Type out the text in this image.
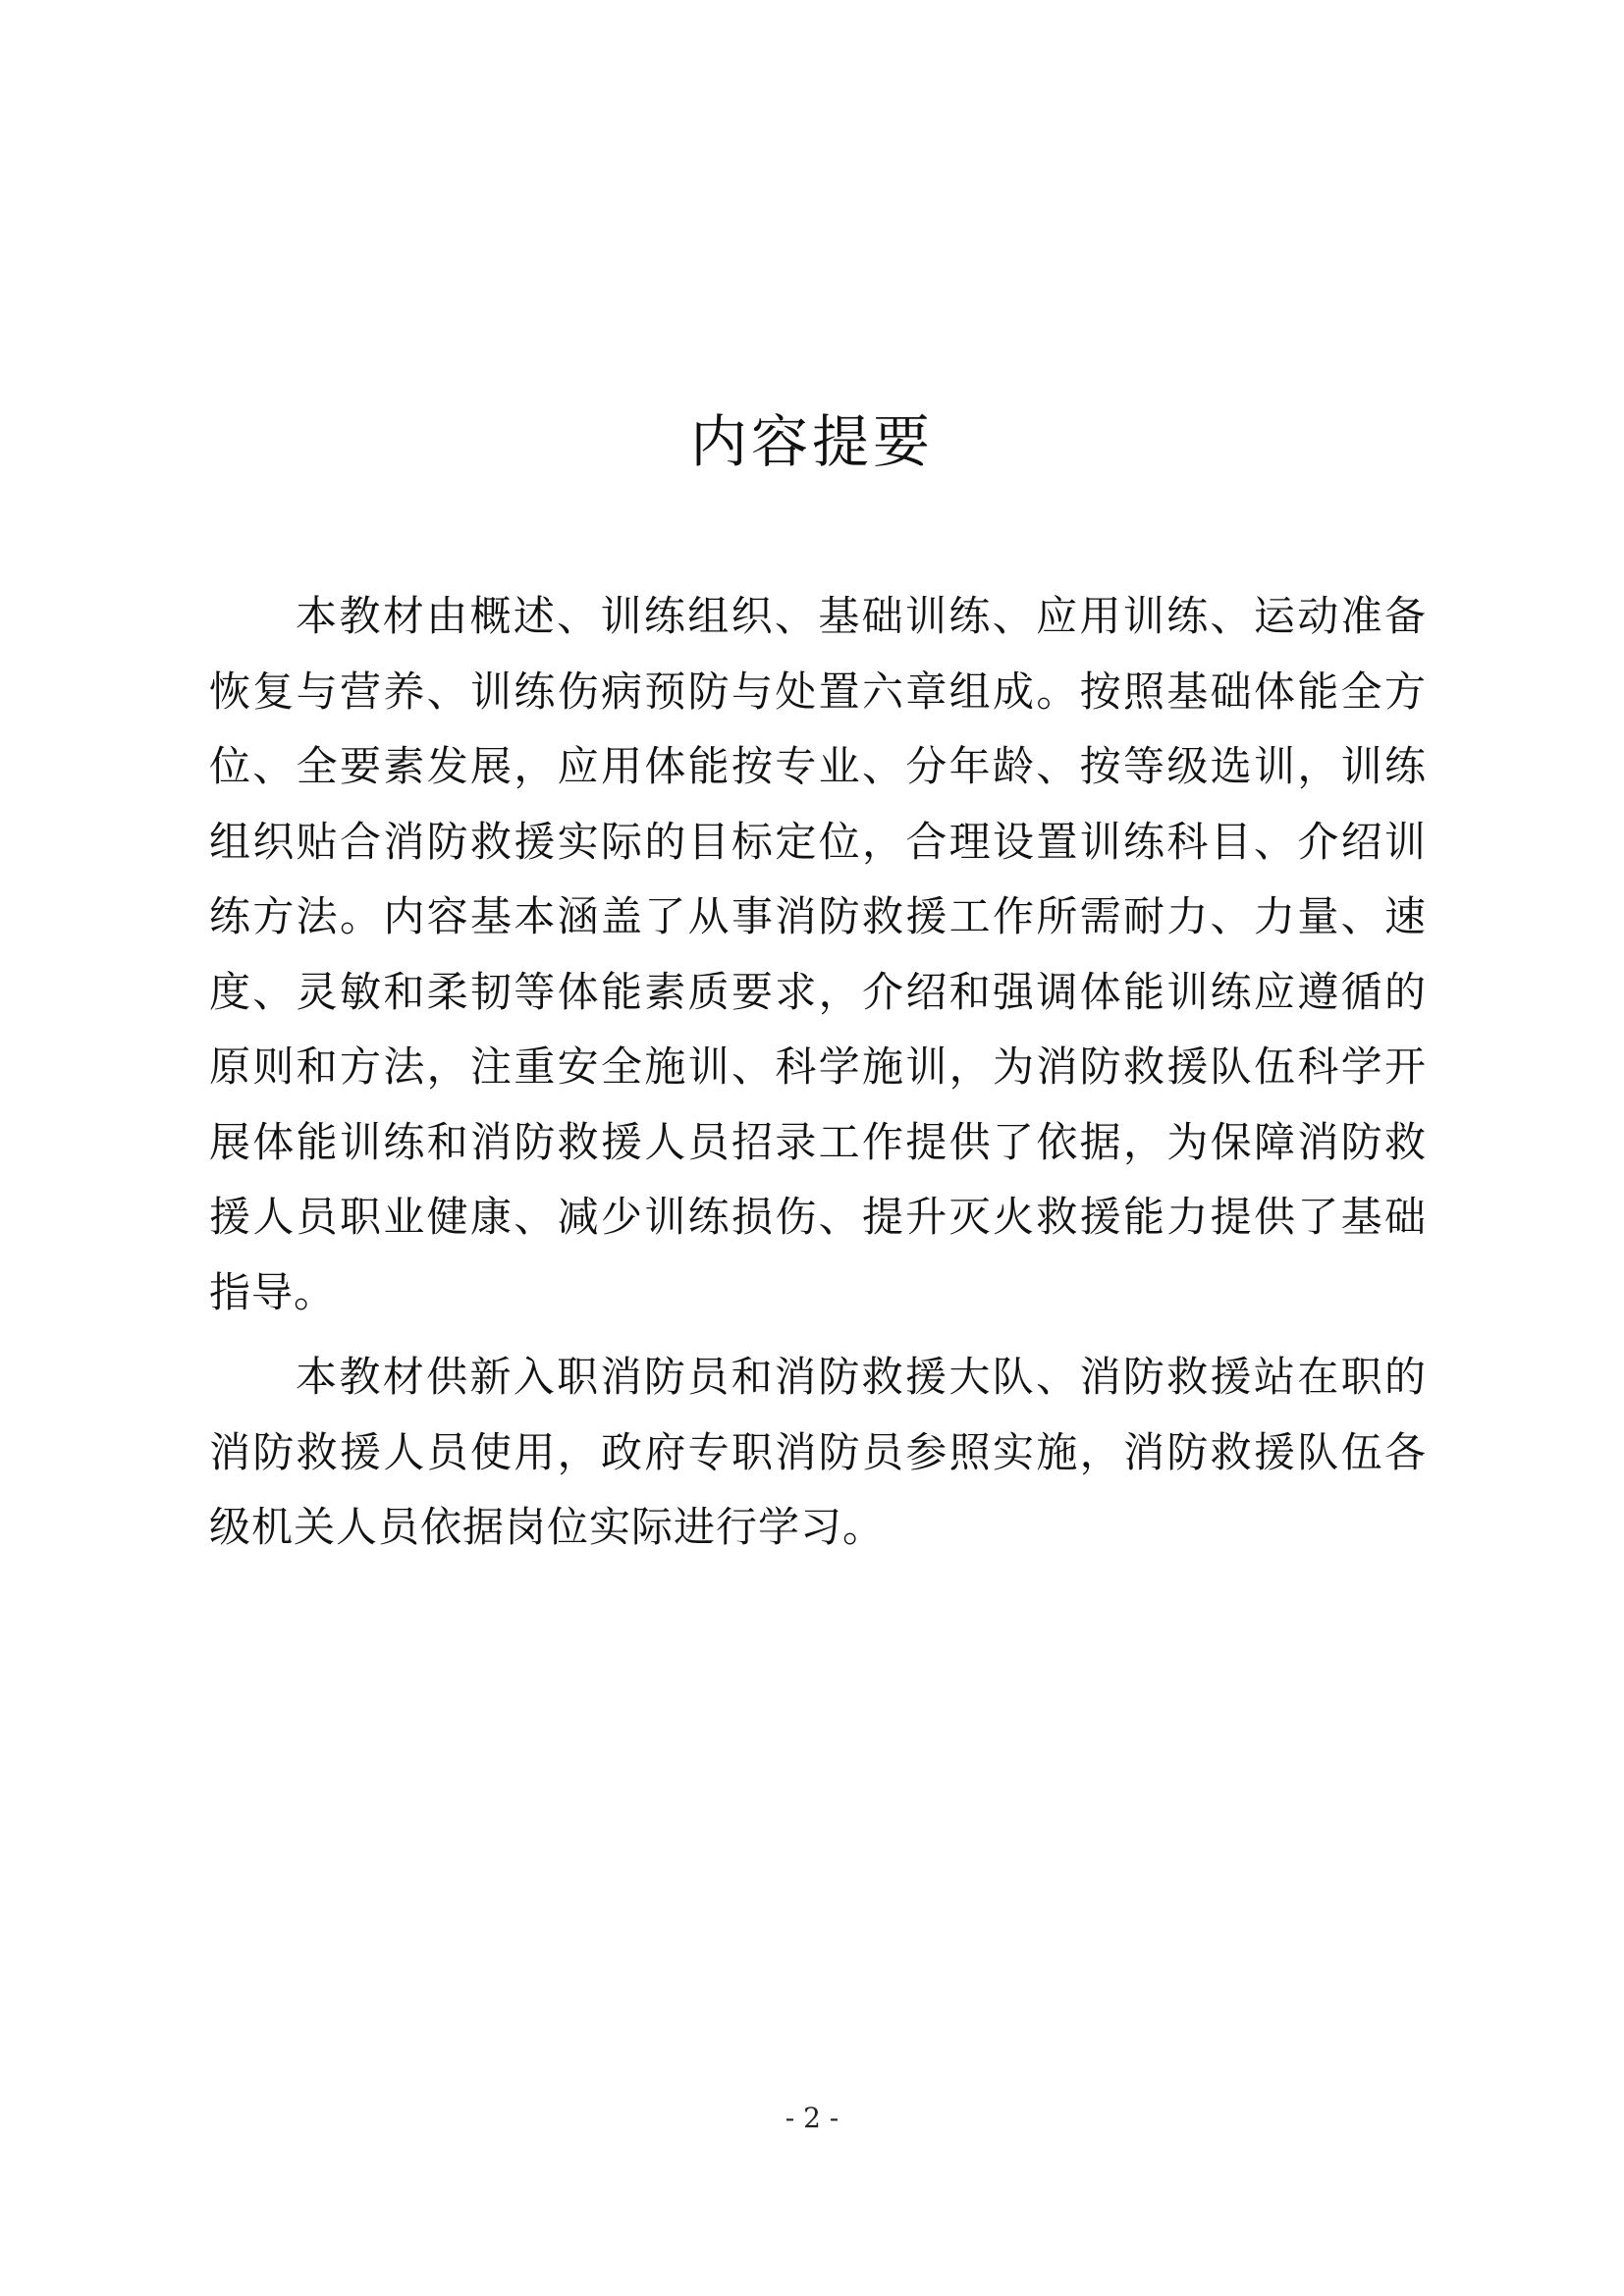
内容提要

本教材由概述、训练组织、基础训练、应用训练、运动准备恢复与营养、训练伤病预防与处置六章组成。按照基础体能全方位、全要素发展，应用体能按专业、分年龄、按等级选训，训练组织贴合消防救援实际的目标定位，合理设置训练科目、介绍训练方法。内容基本涵盖了从事消防救援工作所需耐力、力量、速度、灵敏和柔韧等体能素质要求，介绍和强调体能训练应遵循的原则和方法，注重安全施训、科学施训，为消防救援队伍科学开展体能训练和消防救援人员招录工作提供了依据，为保障消防救援人员职业健康、减少训练损伤、提升灭火救援能力提供了基础指导。

本教材供新入职消防员和消防救援大队、消防救援站在职的消防救援人员使用，政府专职消防员参照实施，消防救援队伍各级机关人员依据岗位实际进行学习。

- 2 -
